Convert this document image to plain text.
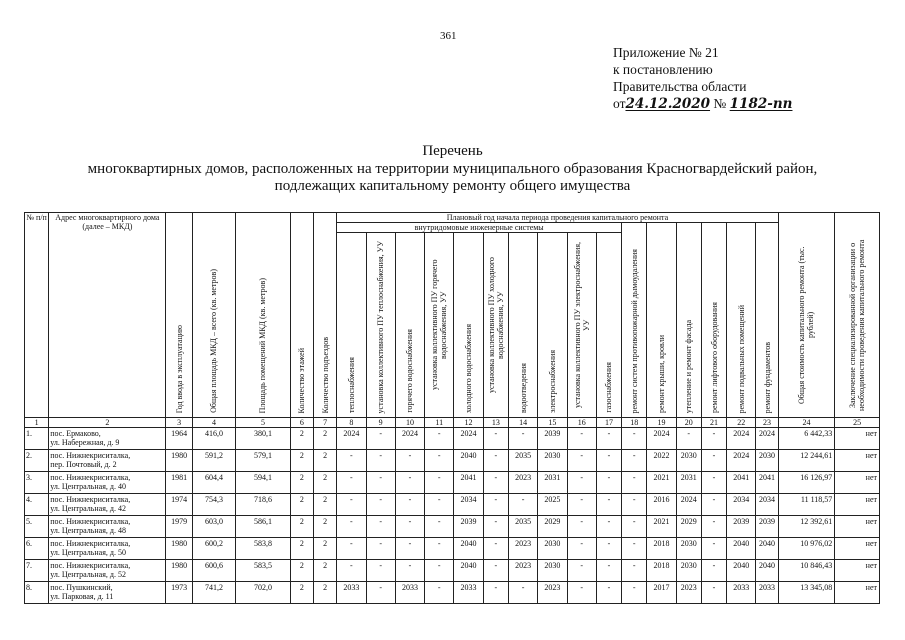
361
Приложение № 21
к постановлению
Правительства области
от24.12.2020 № 1182-пп
Перечень
многоквартирных домов, расположенных на территории муниципального образования Красногвардейский район,
подлежащих капитальному ремонту общего имущества
№ п/п	Адрес многоквартирного дома (далее – МКД)	Год ввода в эксплуатацию	Общая площадь МКД – всего (кв. метров)	Площадь помещений МКД (кв. метров)	Количество этажей	Количество подъездов	Плановый год начала периода проведения капитального ремонта																Общая стоимость капитального ремонта (тыс. рублей)	Заключение специализированной организации о необходимости проведения капитального ремонта
							внутридомовые инженерные системы										ремонт систем противопожарной дымоудаления	ремонт крыши, кровли	утепление и ремонт фасада	ремонт лифтового оборудования	ремонт подвальных помещений	ремонт фундаментов		
							теплоснабжения	установка коллективного ПУ теплоснабжения, УУ	горячего водоснабжения	установка коллективного ПУ горячего водоснабжения, УУ	холодного водоснабжения	установка коллективного ПУ холодного водоснабжения, УУ	водоотведения	электроснабжения	установка коллективного ПУ электроснабжения, УУ	газоснабжения								
1	2	3	4	5	6	7	8	9	10	11	12	13	14	15	16	17	18	19	20	21	22	23	24	25
1.	пос. Ермаково,
ул. Набережная, д. 9	1964	416,0	380,1	2	2	2024	-	2024	-	2024	-	-	2039	-	-	-	2024	-	-	2024	2024	6 442,33	нет
2.	пос. Нижнекриситалка,
пер. Почтовый, д. 2	1980	591,2	579,1	2	2	-	-	-	-	2040	-	2035	2030	-	-	-	2022	2030	-	2024	2030	12 244,61	нет
3.	пос. Нижнекриситалка,
ул. Центральная, д. 40	1981	604,4	594,1	2	2	-	-	-	-	2041	-	2023	2031	-	-	-	2021	2031	-	2041	2041	16 126,97	нет
4.	пос. Нижнекриситалка,
ул. Центральная, д. 42	1974	754,3	718,6	2	2	-	-	-	-	2034	-	-	2025	-	-	-	2016	2024	-	2034	2034	11 118,57	нет
5.	пос. Нижнекриситалка,
ул. Центральная, д. 48	1979	603,0	586,1	2	2	-	-	-	-	2039	-	2035	2029	-	-	-	2021	2029	-	2039	2039	12 392,61	нет
6.	пос. Нижнекриситалка,
ул. Центральная, д. 50	1980	600,2	583,8	2	2	-	-	-	-	2040	-	2023	2030	-	-	-	2018	2030	-	2040	2040	10 976,02	нет
7.	пос. Нижнекриситалка,
ул. Центральная, д. 52	1980	600,6	583,5	2	2	-	-	-	-	2040	-	2023	2030	-	-	-	2018	2030	-	2040	2040	10 846,43	нет
8.	пос. Пушкинский,
ул. Парковая, д. 11	1973	741,2	702,0	2	2	2033	-	2033	-	2033	-	-	2023	-	-	-	2017	2023	-	2033	2033	13 345,08	нет
